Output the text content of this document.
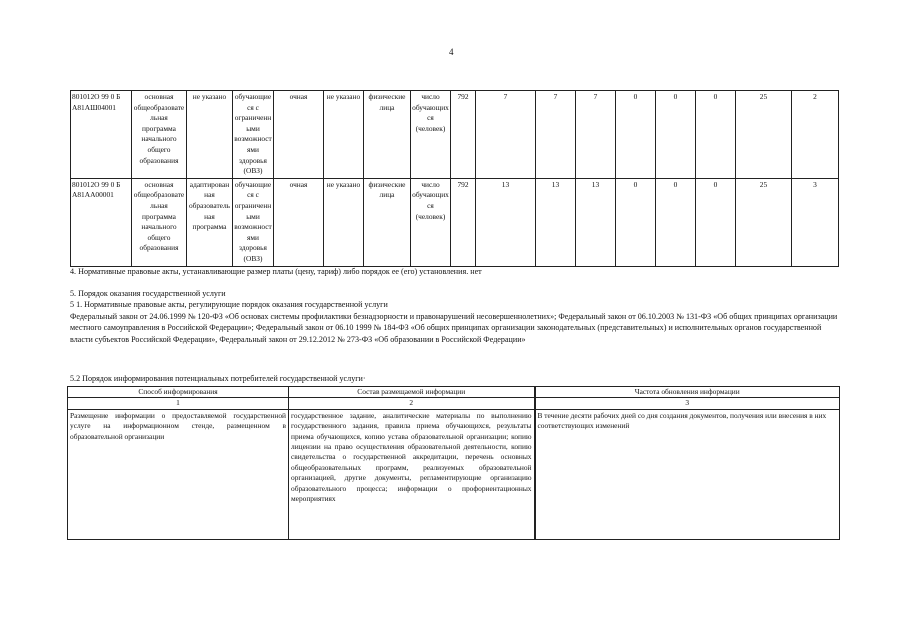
4
801012О 99 0 Б А81АШ04001	основная общеобразовательная программа начального общего образования	не указано	обучающиеся с ограниченными возможностями здоровья (ОВЗ)	очная	не указано	физические лица	число обучающихся (человек)	792	7	7	7	0	0	0	25	2
801012О 99 0 Б А81АА00001	основная общеобразовательная программа начального общего образования	адаптированная образовательная программа	обучающиеся с ограниченными возможностями здоровья (ОВЗ)	очная	не указано	физические лица	число обучающихся (человек)	792	13	13	13	0	0	0	25	3
4. Нормативные правовые акты, устанавливающие размер платы (цену, тариф) либо порядок ее (его) установления. нет
5. Порядок оказания государственной услуги
5 1. Нормативные правовые акты, регулирующие порядок оказания государственной услуги
Федеральный закон от 24.06.1999 № 120-ФЗ «Об основах системы профилактики безнадзорности и правонарушений несовершеннолетних»; Федеральный закон от 06.10.2003 № 131-ФЗ «Об общих принципах организации местного самоуправления в Российской Федерации»; Федеральный закон от 06.10 1999 № 184-ФЗ «Об общих принципах организации законодательных (представительных) и исполнительных органов государственной власти субъектов Российской Федерации», Федеральный закон от 29.12.2012 № 273-ФЗ «Об образовании в Российской Федерации»
5.2 Порядок информирования потенциальных потребителей государственной услуги·
Способ информирования	Состав размещаемой информации	Частота обновления информации
1	2	3
Размещение информации о предоставляемой государственной услуге на информационном стенде, размещенном в образовательной организации	государственное задание, аналитические материалы по выполнению государственного задания, правила приема обучающихся, результаты приема обучающихся, копию устава образовательной организации; копию лицензии на право осуществления образовательной деятельности, копию свидетельства о государственной аккредитации, перечень основных общеобразовательных программ, реализуемых образовательной организацией, другие документы, регламентирующие организацию образовательного процесса; информации о профориентационных мероприятиях	В течение десяти рабочих дней со дня создания документов, получения или внесения в них соответствующих изменений
